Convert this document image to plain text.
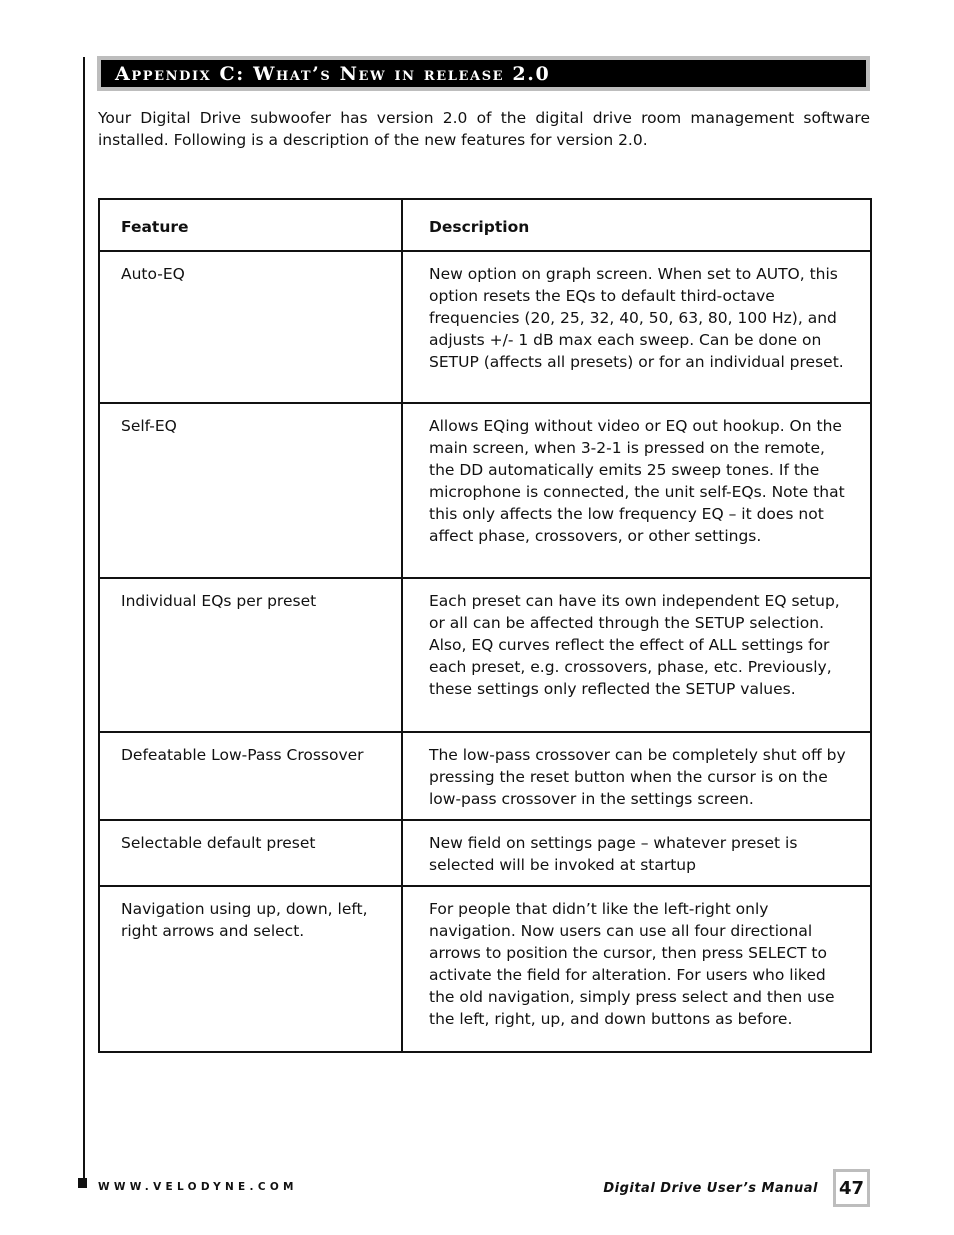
Appendix C: What’s New in release 2.0

Your Digital Drive subwoofer has version 2.0 of the digital drive room management software installed. Following is a description of the new features for version 2.0.

Feature	Description
Auto-EQ	New option on graph screen. When set to AUTO, this option resets the EQs to default third-octave frequencies (20, 25, 32, 40, 50, 63, 80, 100 Hz), and adjusts +/- 1 dB max each sweep. Can be done on SETUP (affects all presets) or for an individual preset.
Self-EQ	Allows EQing without video or EQ out hookup. On the main screen, when 3-2-1 is pressed on the remote, the DD automatically emits 25 sweep tones. If the microphone is connected, the unit self-EQs. Note that this only affects the low frequency EQ – it does not affect phase, crossovers, or other settings.
Individual EQs per preset	Each preset can have its own independent EQ setup, or all can be affected through the SETUP selection. Also, EQ curves reflect the effect of ALL settings for each preset, e.g. crossovers, phase, etc. Previously, these settings only reflected the SETUP values.
Defeatable Low-Pass Crossover	The low-pass crossover can be completely shut off by pressing the reset button when the cursor is on the low-pass crossover in the settings screen.
Selectable default preset	New field on settings page – whatever preset is selected will be invoked at startup
Navigation using up, down, left, right arrows and select.	For people that didn’t like the left-right only navigation. Now users can use all four directional arrows to position the cursor, then press SELECT to activate the field for alteration. For users who liked the old navigation, simply press select and then use the left, right, up, and down buttons as before.
WWW.VELODYNE.COM	Digital Drive User’s Manual 47
